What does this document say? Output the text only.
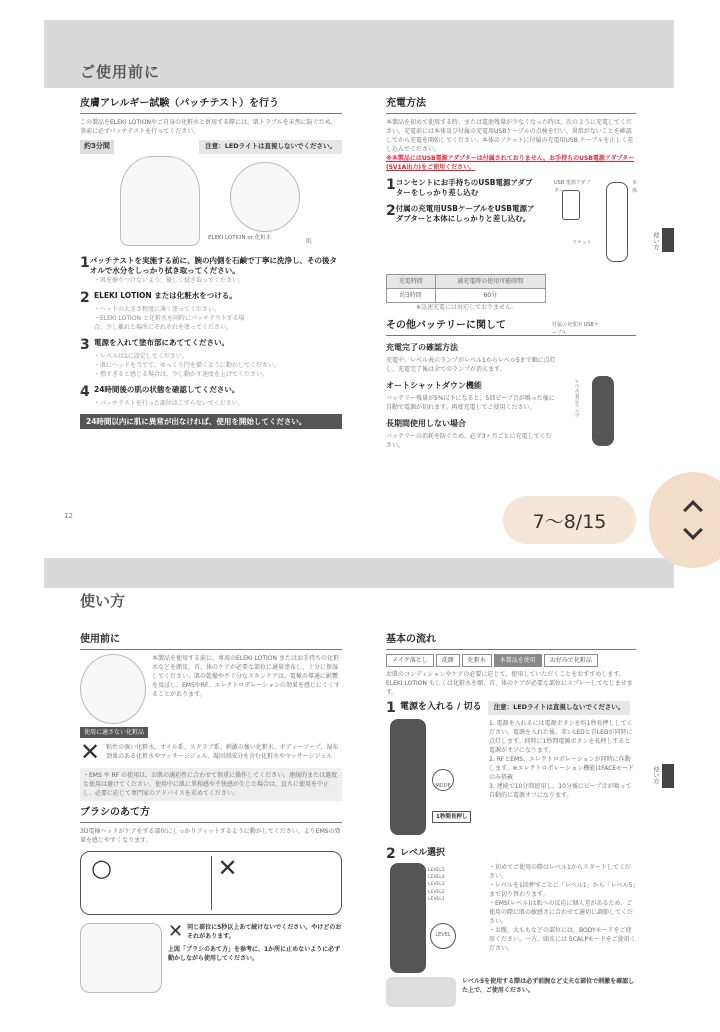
ご使用前に
皮膚アレルギー試験（パッチテスト）を行う
この製品をELEKI LOTIONやご自身の化粧水と併用する際には、肌トラブルを未然に防ぐため、事前に必ずパッチテストを行ってください。
約3分間	注意：LEDライトは直視しないでください。
ELEKI LOTION or 化粧水
肌
1 パッチテストを実施する前に、腕の内側を石鹸で丁寧に洗浄し、その後タオルで水分をしっかり拭き取ってください。
・肌を擦りつけないよう、優しく拭き取ってください。
2 ELEKI LOTION または化粧水をつける。
・ヘッドの大きさ程度に薄く塗ってください。
・ELEKI LOTION と化粧水を同時にパッチテストする場合、少し離れた場所にそれぞれを塗ってください。
3 電源を入れて塗布部にあててください。
・レベルは1に設定してください。
・肌にヘッドを当てて、ゆっくり円を描くように動かしてください。
・熱すぎると感じる場合は、少し動かす速度を上げてください。
4 24時間後の肌の状態を確認してください。
・パッチテストを行った部位はこすらないでください。
24時間以内に肌に異常が出なければ、使用を開始してください。
充電方法
本製品を初めて使用する時、または電池残量が少なくなった時は、次のように充電してください。充電前には本体及び付属の充電用USBケーブルの点検を行い、異常がないことを確認してから充電を開始してください。本体のソケットに付属の充電用USB ケーブルを正しく差し込んでください。
※本製品にはUSB電源アダプターは付属されておりません。お手持ちのUSB電源アダプター(5V1A出力)をご使用ください。
1 コンセントにお手持ちのUSB電源アダプターをしっかり差し込む
2 付属の充電用USBケーブルをUSB電源アダプターと本体にしっかりと差し込む。
USB 電源アダプター
本体
ソケット
充電時間	満充電時の使用可能時間
約3時間	60分
※急速充電には対応しておりません。
付属の充電用 USBケーブル
その他バッテリーに関して
充電完了の確認方法
充電中、レベル表示ランプがレベル1からレベル5まで順に点灯し、充電完了後は全てのランプが消えます。
オートシャットダウン機能
バッテリー残量が5%以下になると、5回ビープ音が鳴った後に自動で電源が切れます。再度充電してご使用ください。
長期間使用しない場合
バッテリーの消耗を防ぐため、必ず3ヶ月ごとに充電してください。
レベル表示ランプ
使い方
12
使い方
使用前に
本製品を使用する前に、専用のELEKI LOTION またはお手持ちの化粧水などを顔及、首、体のケアが必要な部位に適量塗布し、十分に保湿してください。肌の乾燥や不十分なスキンケアは、電極の導通に影響を及ぼし、EMSやRF、エレクトロポレーションの効果を感じにくくすることがあります。
使用に適さない化粧品
✕ 粘性の強い化粧水、オイル系、スクラブ系、刺激の強い化粧水、ボディーソープ、湿布効果のある化粧水やマッサージジェル、凝固剤成分を含む化粧水やマッサージジェル
・EMS や RF の使用は、お肌の適応性に合わせて慎重に操作してください。連続的または過度な使用は避けてください。使用中に肌に異和感や不快感が生じた場合は、直ちに使用を中止し、必要に応じて専門家のアドバイスを求めてください。
ブラシのあて方
3D電極ヘッドがケアをする部位にしっかりフィットするように動かしてください。よりEMSの効果を感じやすくなります。
○	✕
✕ 同じ部位に5秒以上あて続けないでください。やけどのおそれがあります。
上図「ブラシのあて方」を参考に、1か所に止めないように必ず動かしながら使用してください。
基本の流れ
メイク落とし	洗顔	化粧水	本製品を使用	お好みで化粧品
お肌のコンディションやケアの必要に応じて、使用していただくことをおすすめします。ELEKI LOTION もしくは化粧水を顔、首、体のケアが必要な部位にスプレーしてなじませます。
1 電源を入れる / 切る	注意：LEDライトは直視しないでください。
MODE
1秒間長押し
1. 電源を入れるには電源ボタンを約1秒長押ししてください。電源を入れた後、赤いLEDと青LEDが同時に点灯します。同時に1秒間電源ボタンを長押しすると電源がオフになります。
2. RFとEMS、エレクトロポレーションが同時に作動します。※エレクトロポレーション機能はFACEモードのみ搭載
3. 連続で10分間使用し、10分後にビープ音が鳴って自動的に電源オフになります。
2 レベル選択
LEVEL5
LEVEL4
LEVEL3
LEVEL2
LEVEL1
LEVEL
・初めてご使用の際はレベル1からスタートしてください。
・レベルを1回押すごとに「レベル1」から「レベル5」まで切り替わります。
・EMS(レベル)は肌への反応に個人差があるため、ご使用の際に肌の敏感さに合わせて適切に調節してください。
・お腹、太ももなどの部位には、BODYモードをご使用ください。一方、頭皮には SCALPモードをご使用ください。
レベル5を使用する際は必ず前腕など丈夫な部位で刺激を確認した上で、ご使用ください。
使い方
7〜8/15
